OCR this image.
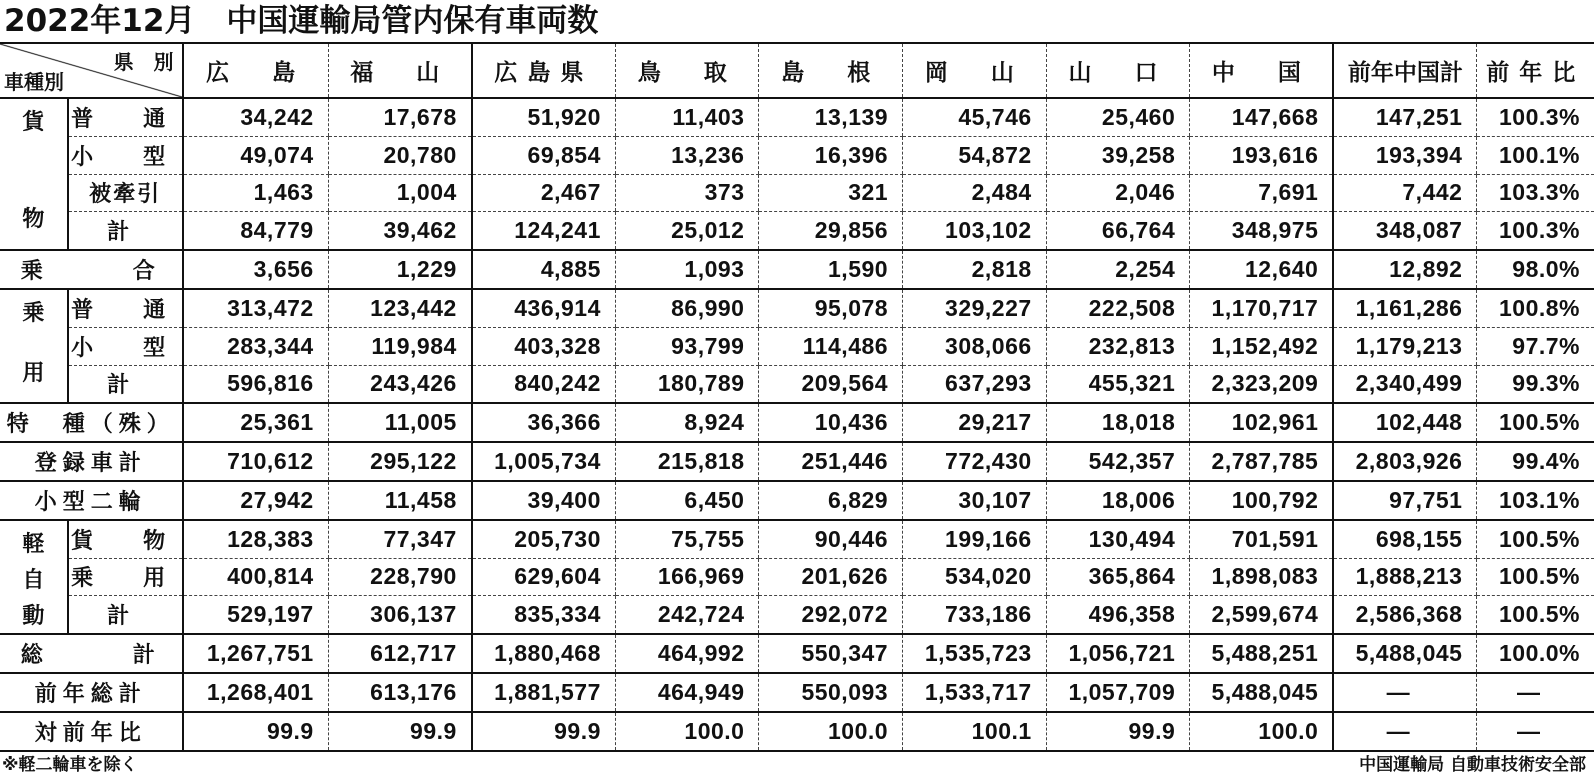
2022年12月　中国運輸局管内保有車両数
県　別
車種別		広　島	福　山	広島県	鳥　取	島　根	岡　山	山　口	中　国	前年中国計	前年比

貨
物	普　通	34,242	17,678	51,920	11,403	13,139	45,746	25,460	147,668	147,251	100.3%
	小　型	49,074	20,780	69,854	13,236	16,396	54,872	39,258	193,616	193,394	100.1%
	被牽引	1,463	1,004	2,467	373	321	2,484	2,046	7,691	7,442	103.3%
	計	84,779	39,462	124,241	25,012	29,856	103,102	66,764	348,975	348,087	100.3%
乗　　　合		3,656	1,229	4,885	1,093	1,590	2,818	2,254	12,640	12,892	98.0%

乗
用	普　通	313,472	123,442	436,914	86,990	95,078	329,227	222,508	1,170,717	1,161,286	100.8%
	小　型	283,344	119,984	403,328	93,799	114,486	308,066	232,813	1,152,492	1,179,213	97.7%
	計	596,816	243,426	840,242	180,789	209,564	637,293	455,321	2,323,209	2,340,499	99.3%
特　種（殊）		25,361	11,005	36,366	8,924	10,436	29,217	18,018	102,961	102,448	100.5%
登録車計		710,612	295,122	1,005,734	215,818	251,446	772,430	542,357	2,787,785	2,803,926	99.4%
小型二輪		27,942	11,458	39,400	6,450	6,829	30,107	18,006	100,792	97,751	103.1%

軽
自
動	貨　物	128,383	77,347	205,730	75,755	90,446	199,166	130,494	701,591	698,155	100.5%
	乗　用	400,814	228,790	629,604	166,969	201,626	534,020	365,864	1,898,083	1,888,213	100.5%
	計	529,197	306,137	835,334	242,724	292,072	733,186	496,358	2,599,674	2,586,368	100.5%
総　　　計		1,267,751	612,717	1,880,468	464,992	550,347	1,535,723	1,056,721	5,488,251	5,488,045	100.0%
前年総計		1,268,401	613,176	1,881,577	464,949	550,093	1,533,717	1,057,709	5,488,045	—	—
対前年比		99.9	99.9	99.9	100.0	100.0	100.1	99.9	100.0	—	—
※軽二輪車を除く	中国運輸局 自動車技術安全部
